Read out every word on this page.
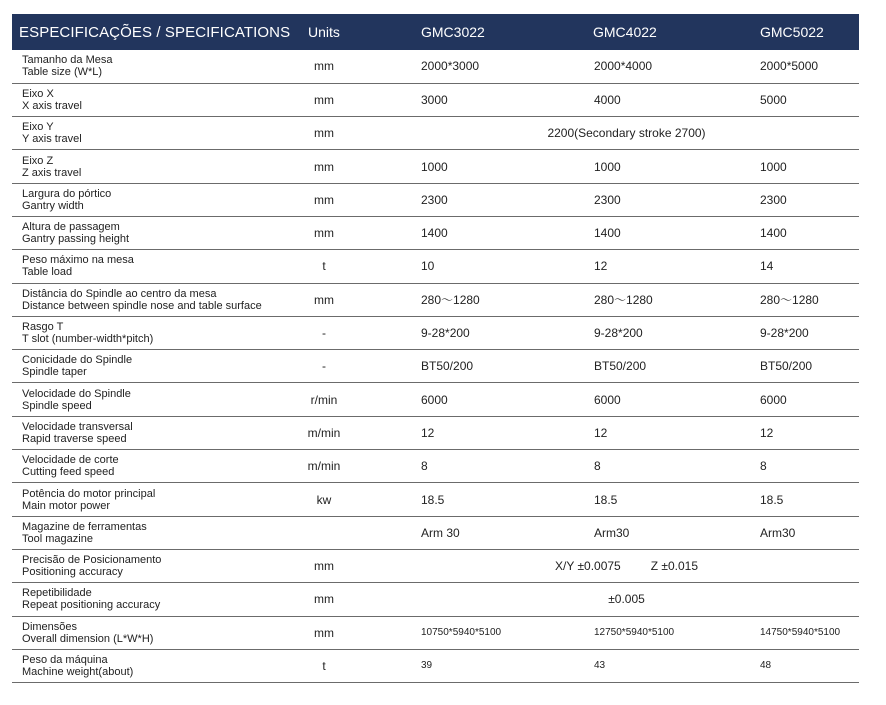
ESPECIFICAÇÕES / SPECIFICATIONS	Units	GMC3022	GMC4022	GMC5022
Tamanho da Mesa
Table size (W*L)	mm	2000*3000	2000*4000	2000*5000
Eixo X
X axis travel	mm	3000	4000	5000
Eixo Y
Y axis travel	mm	2200(Secondary stroke 2700)		
Eixo Z
Z axis travel	mm	1000	1000	1000
Largura do pórtico
Gantry width	mm	2300	2300	2300
Altura de passagem
Gantry passing height	mm	1400	1400	1400
Peso máximo na mesa
Table load	t	10	12	14
Distância do Spindle ao centro da mesa
Distance between spindle nose and table surface	mm	280～1280	280～1280	280～1280
Rasgo T
T slot (number-width*pitch)	-	9-28*200	9-28*200	9-28*200
Conicidade do Spindle
Spindle taper	-	BT50/200	BT50/200	BT50/200
Velocidade do Spindle
Spindle speed	r/min	6000	6000	6000
Velocidade transversal
Rapid traverse speed	m/min	12	12	12
Velocidade de corte
Cutting feed speed	m/min	8	8	8
Potência do motor principal
Main motor power	kw	18.5	18.5	18.5
Magazine de ferramentas
Tool magazine		Arm 30	Arm30	Arm30
Precisão de Posicionamento
Positioning accuracy	mm	X/Y ±0.0075 Z ±0.015		
Repetibilidade
Repeat positioning accuracy	mm	±0.005		
Dimensões
Overall dimension (L*W*H)	mm	10750*5940*5100	12750*5940*5100	14750*5940*5100
Peso da máquina
Machine weight(about)	t	39	43	48
